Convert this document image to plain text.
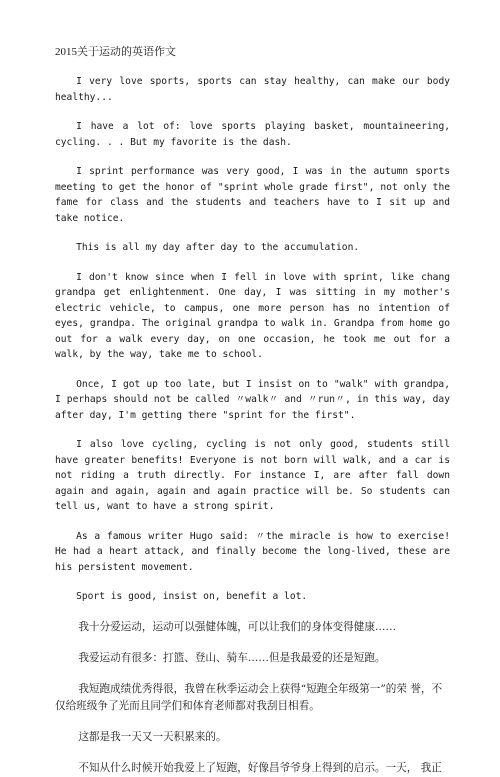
2015关于运动的英语作文

I very love sports, sports can stay healthy, can make our body healthy...

I have a lot of: love sports playing basket, mountaineering, cycling. . . But my favorite is the dash.

I sprint performance was very good, I was in the autumn sports meeting to get the honor of "sprint whole grade first", not only the fame for class and the students and teachers have to I sit up and take notice.

This is all my day after day to the accumulation.

I don't know since when I fell in love with sprint, like chang grandpa get enlightenment. One day, I was sitting in my mother's electric vehicle, to campus, one more person has no intention of eyes, grandpa. The original grandpa to walk in. Grandpa from home go out for a walk every day, on one occasion, he took me out for a walk, by the way, take me to school.

Once, I got up too late, but I insist on to "walk" with grandpa, I perhaps should not be called 〃walk〃 and 〃run〃, in this way, day after day, I'm getting there "sprint for the first".

I also love cycling, cycling is not only good, students still have greater benefits! Everyone is not born will walk, and a car is not riding a truth directly. For instance I, are after fall down again and again, again and again practice will be. So students can tell us, want to have a strong spirit.

As a famous writer Hugo said: 〃the miracle is how to exercise! He had a heart attack, and finally become the long-lived, these are his persistent movement.

Sport is good, insist on, benefit a lot.

我十分爱运动，运动可以强健体魄，可以让我们的身体变得健康……

我爱运动有很多：打篮、登山、骑车……但是我最爱的还是短跑。

我短跑成绩优秀得很，我曾在秋季运动会上获得“短跑全年级第一”的荣 誉，不仅给班级争了光而且同学们和体育老师都对我刮目相看。

这都是我一天又一天积累来的。

不知从什么时候开始我爱上了短跑，好像昌爷爷身上得到的启示。一天， 我正
